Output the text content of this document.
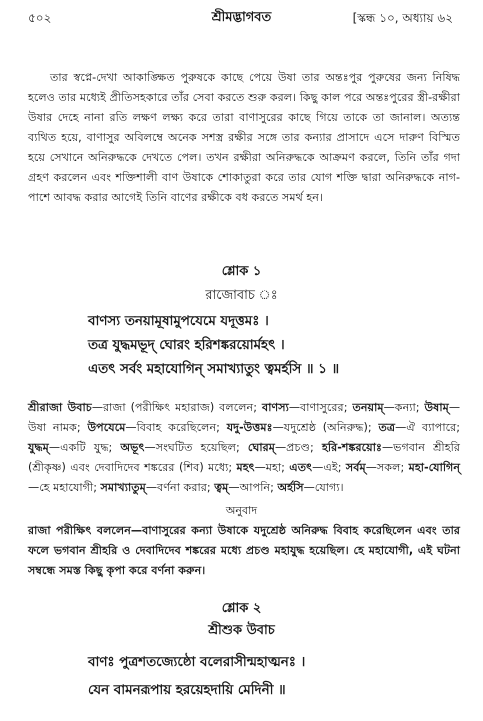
৫০২	শ্রীমদ্ভাগবত	[স্কন্ধ ১০, অধ্যায় ৬২

তার স্বপ্নে-দেখা আকাঙ্ক্ষিত পুরুষকে কাছে পেয়ে উষা তার অন্তঃপুর পুরুষের জন্য নিষিদ্ধ হলেও তার মধ্যেই প্রীতিসহকারে তাঁর সেবা করতে শুরু করল। কিছু কাল পরে অন্তঃপুরের স্ত্রী-রক্ষীরা উষার দেহে নানা রতি লক্ষণ লক্ষ্য করে তারা বাণাসুরের কাছে গিয়ে তাকে তা জানাল। অত্যন্ত ব্যথিত হয়ে, বাণাসুর অবিলম্বে অনেক সশস্ত্র রক্ষীর সঙ্গে তার কন্যার প্রাসাদে এসে দারুণ বিস্মিত হয়ে সেখানে অনিরুদ্ধকে দেখতে পেল। তখন রক্ষীরা অনিরুদ্ধকে আক্রমণ করলে, তিনি তাঁর গদা গ্রহণ করলেন এবং শক্তিশালী বাণ উষাকে শোকাতুরা করে তার যোগ শক্তি দ্বারা অনিরুদ্ধকে নাগ-পাশে আবদ্ধ করার আগেই তিনি বাণের রক্ষীকে বধ করতে সমর্থ হন।

শ্লোক ১

রাজোবাচ ঃ

বাণস্য তনয়ামূষামুপযেমে যদূত্তমঃ ।

তত্র যুদ্ধমভূদ্ ঘোরং হরিশঙ্করয়োর্মহৎ ।

এতৎ সর্বং মহাযোগিন্ সমাখ্যাতুং ত্বমর্হসি ॥ ১ ॥

শ্রীরাজা উবাচ—রাজা (পরীক্ষিৎ মহারাজ) বললেন; বাণস্য—বাণাসুরের; তনয়াম্—কন্যা; উষাম্—উষা নামক; উপযেমে—বিবাহ করেছিলেন; যদু-উত্তমঃ—যদুশ্রেষ্ঠ (অনিরুদ্ধ); তত্র—ঐ ব্যাপারে; যুদ্ধম্—একটি যুদ্ধ; অভূৎ—সংঘটিত হয়েছিল; ঘোরম্—প্রচণ্ড; হরি-শঙ্করয়োঃ—ভগবান শ্রীহরি (শ্রীকৃষ্ণ) এবং দেবাদিদেব শঙ্করের (শিব) মধ্যে; মহৎ—মহা; এতৎ—এই; সর্বম্—সকল; মহা-যোগিন্—হে মহাযোগী; সমাখ্যাতুম্—বর্ণনা করার; ত্বম্—আপনি; অর্হসি—যোগ্য।

অনুবাদ

রাজা পরীক্ষিৎ বললেন—বাণাসুরের কন্যা উষাকে যদুশ্রেষ্ঠ অনিরুদ্ধ বিবাহ করেছিলেন এবং তার ফলে ভগবান শ্রীহরি ও দেবাদিদেব শঙ্করের মধ্যে প্রচণ্ড মহাযুদ্ধ হয়েছিল। হে মহাযোগী, এই ঘটনা সম্বন্ধে সমস্ত কিছু কৃপা করে বর্ণনা করুন।

শ্লোক ২

শ্রীশুক উবাচ

বাণঃ পুত্রশতজ্যেষ্ঠো বলেরাসীন্মহাত্মনঃ ।

যেন বামনরূপায় হরয়েহদায়ি মেদিনী ॥
